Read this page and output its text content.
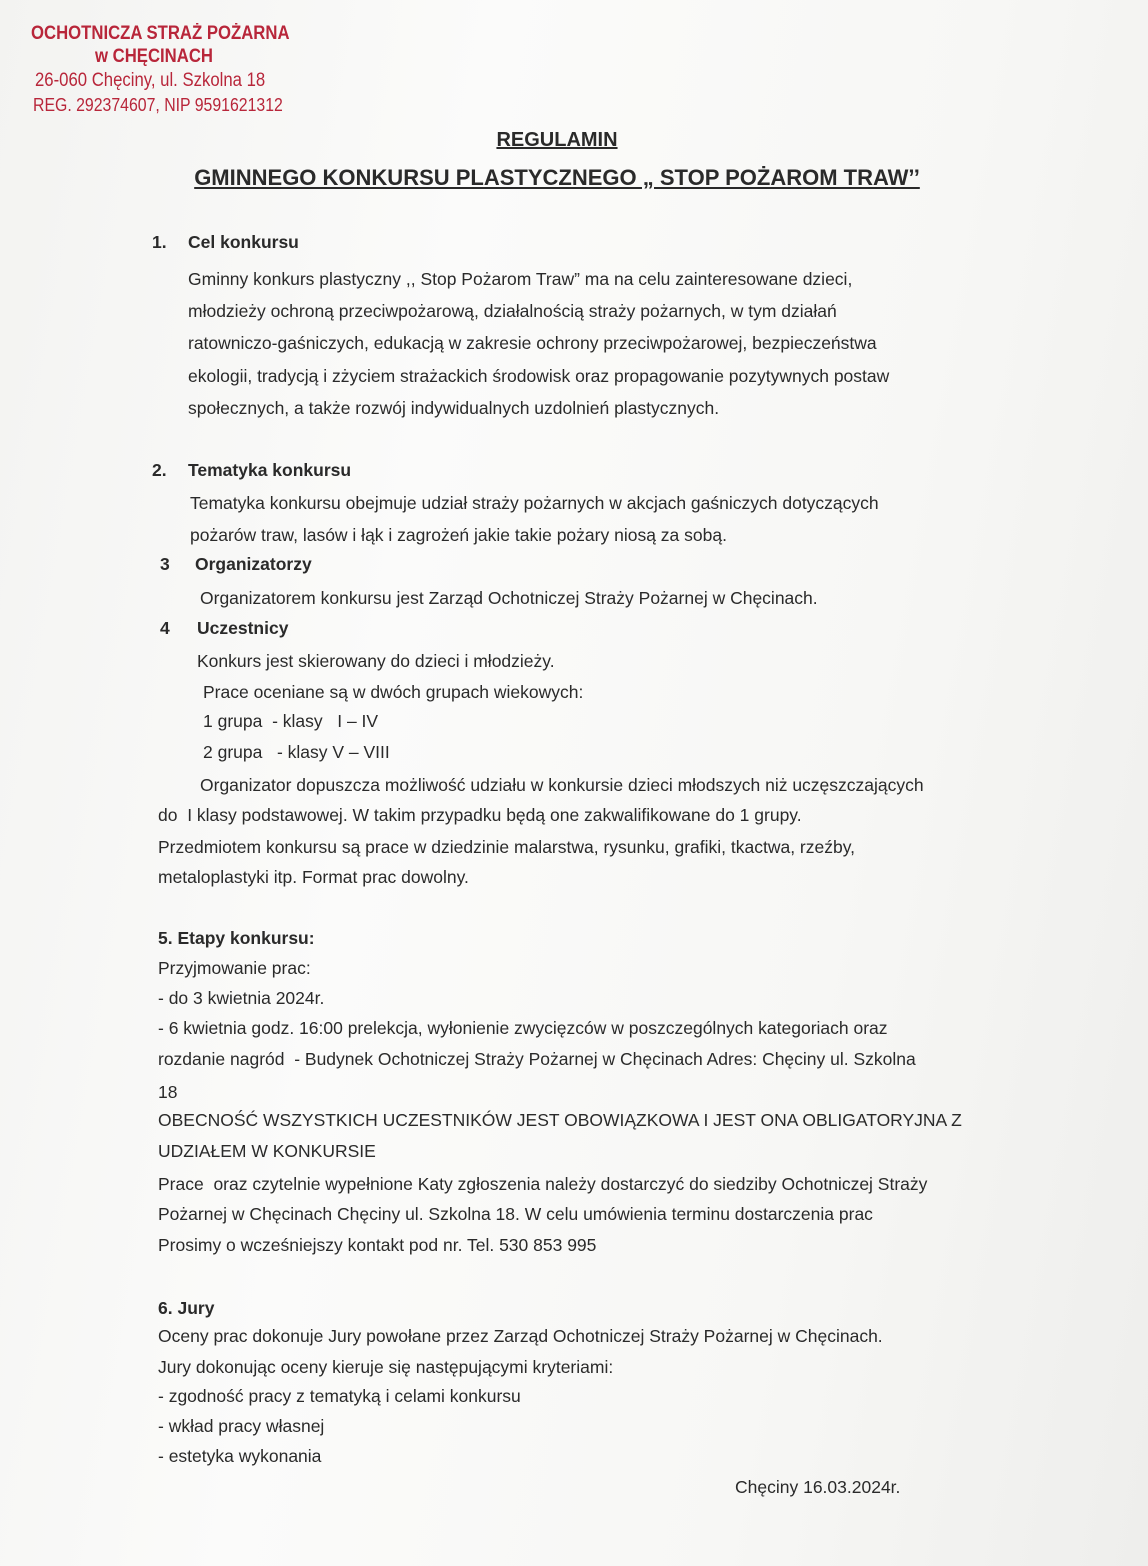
OCHOTNICZA STRAŻ POŻARNA
w CHĘCINACH
26-060 Chęciny, ul. Szkolna 18
REG. 292374607, NIP 9591621312
REGULAMIN
GMINNEGO KONKURSU PLASTYCZNEGO „ STOP POŻAROM TRAW’’
1. Cel konkursu
Gminny konkurs plastyczny ,, Stop Pożarom Traw” ma na celu zainteresowane dzieci,
młodzieży ochroną przeciwpożarową, działalnością straży pożarnych, w tym działań
ratowniczo-gaśniczych, edukacją w zakresie ochrony przeciwpożarowej, bezpieczeństwa
ekologii, tradycją i zżyciem strażackich środowisk oraz propagowanie pozytywnych postaw
społecznych, a także rozwój indywidualnych uzdolnień plastycznych.
2. Tematyka konkursu
Tematyka konkursu obejmuje udział straży pożarnych w akcjach gaśniczych dotyczących
pożarów traw, lasów i łąk i zagrożeń jakie takie pożary niosą za sobą.
3 Organizatorzy
Organizatorem konkursu jest Zarząd Ochotniczej Straży Pożarnej w Chęcinach.
4 Uczestnicy
Konkurs jest skierowany do dzieci i młodzieży.
Prace oceniane są w dwóch grupach wiekowych:
1 grupa  - klasy   I – IV
2 grupa   - klasy V – VIII
Organizator dopuszcza możliwość udziału w konkursie dzieci młodszych niż uczęszczających
do  I klasy podstawowej. W takim przypadku będą one zakwalifikowane do 1 grupy.
Przedmiotem konkursu są prace w dziedzinie malarstwa, rysunku, grafiki, tkactwa, rzeźby,
metaloplastyki itp. Format prac dowolny.
5. Etapy konkursu:
Przyjmowanie prac:
- do 3 kwietnia 2024r.
- 6 kwietnia godz. 16:00 prelekcja, wyłonienie zwycięzców w poszczególnych kategoriach oraz
rozdanie nagród  - Budynek Ochotniczej Straży Pożarnej w Chęcinach Adres: Chęciny ul. Szkolna
18
OBECNOŚĆ WSZYSTKICH UCZESTNIKÓW JEST OBOWIĄZKOWA I JEST ONA OBLIGATORYJNA Z
UDZIAŁEM W KONKURSIE
Prace  oraz czytelnie wypełnione Katy zgłoszenia należy dostarczyć do siedziby Ochotniczej Straży
Pożarnej w Chęcinach Chęciny ul. Szkolna 18. W celu umówienia terminu dostarczenia prac
Prosimy o wcześniejszy kontakt pod nr. Tel. 530 853 995
6. Jury
Oceny prac dokonuje Jury powołane przez Zarząd Ochotniczej Straży Pożarnej w Chęcinach.
Jury dokonując oceny kieruje się następującymi kryteriami:
- zgodność pracy z tematyką i celami konkursu
- wkład pracy własnej
- estetyka wykonania
Chęciny 16.03.2024r.
